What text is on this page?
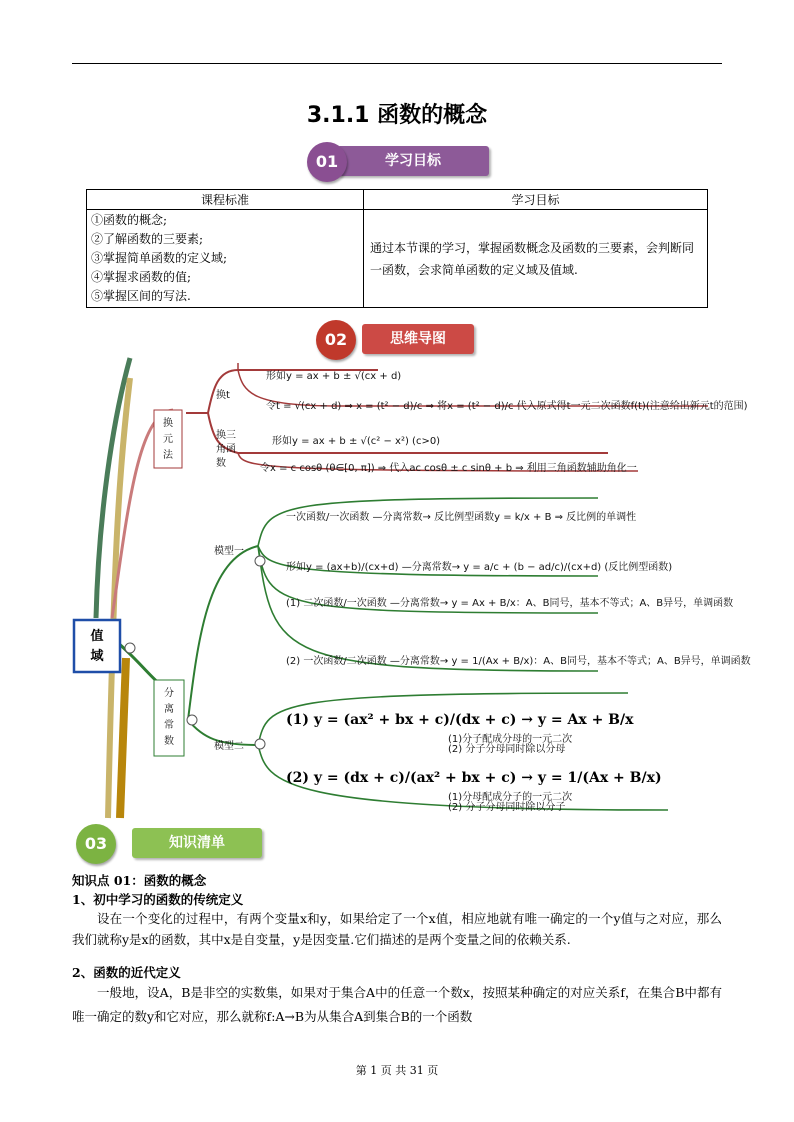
3.1.1 函数的概念
01	学习目标
课程标准	学习目标

①函数的概念;
②了解函数的三要素;
③掌握简单函数的定义域;
④掌握求函数的值;
⑤掌握区间的写法.	通过本节课的学习，掌握函数概念及函数的三要素，会判断同一函数，会求简单函数的定义域及值域.
02	思维导图
值
域
换
元
法
换t
换三
角函
数
形如y = ax + b ± √(cx + d)
令t = √(cx + d) ⇒ x = (t² − d)/c ⇒ 将x = (t² − d)/c 代入原式得t一元二次函数f(t)(注意给出新元t的范围)
形如y = ax + b ± √(c² − x²) (c>0)
令x = c cosθ (θ∈[0, π]) ⇒ 代入ac cosθ ± c sinθ + b ⇒ 利用三角函数辅助角化一
分
离
常
数
模型一
模型二
一次函数/一次函数 —分离常数→ 反比例型函数y = k/x + B ⇒ 反比例的单调性
形如y = (ax+b)/(cx+d) —分离常数→ y = a/c + (b − ad/c)/(cx+d) (反比例型函数)
(1) 二次函数/一次函数 —分离常数→ y = Ax + B/x：A、B同号，基本不等式；A、B异号，单调函数
(2) 一次函数/二次函数 —分离常数→ y = 1/(Ax + B/x)：A、B同号，基本不等式；A、B异号，单调函数
(1) y = (ax² + bx + c)/(dx + c) → y = Ax + B/x
(1)分子配成分母的一元二次
(2) 分子分母同时除以分母
(2) y = (dx + c)/(ax² + bx + c) → y = 1/(Ax + B/x)
(1)分母配成分子的一元二次
(2) 分子分母同时除以分子
03	知识清单
知识点 01：函数的概念
1、初中学习的函数的传统定义
设在一个变化的过程中，有两个变量x和y，如果给定了一个x值，相应地就有唯一确定的一个y值与之对应，那么我们就称y是x的函数，其中x是自变量，y是因变量.它们描述的是两个变量之间的依赖关系.
2、函数的近代定义
一般地，设A，B是非空的实数集，如果对于集合A中的任意一个数x，按照某种确定的对应关系f，在集合B中都有唯一确定的数y和它对应，那么就称f:A→B为从集合A到集合B的一个函数
第 1 页 共 31 页
